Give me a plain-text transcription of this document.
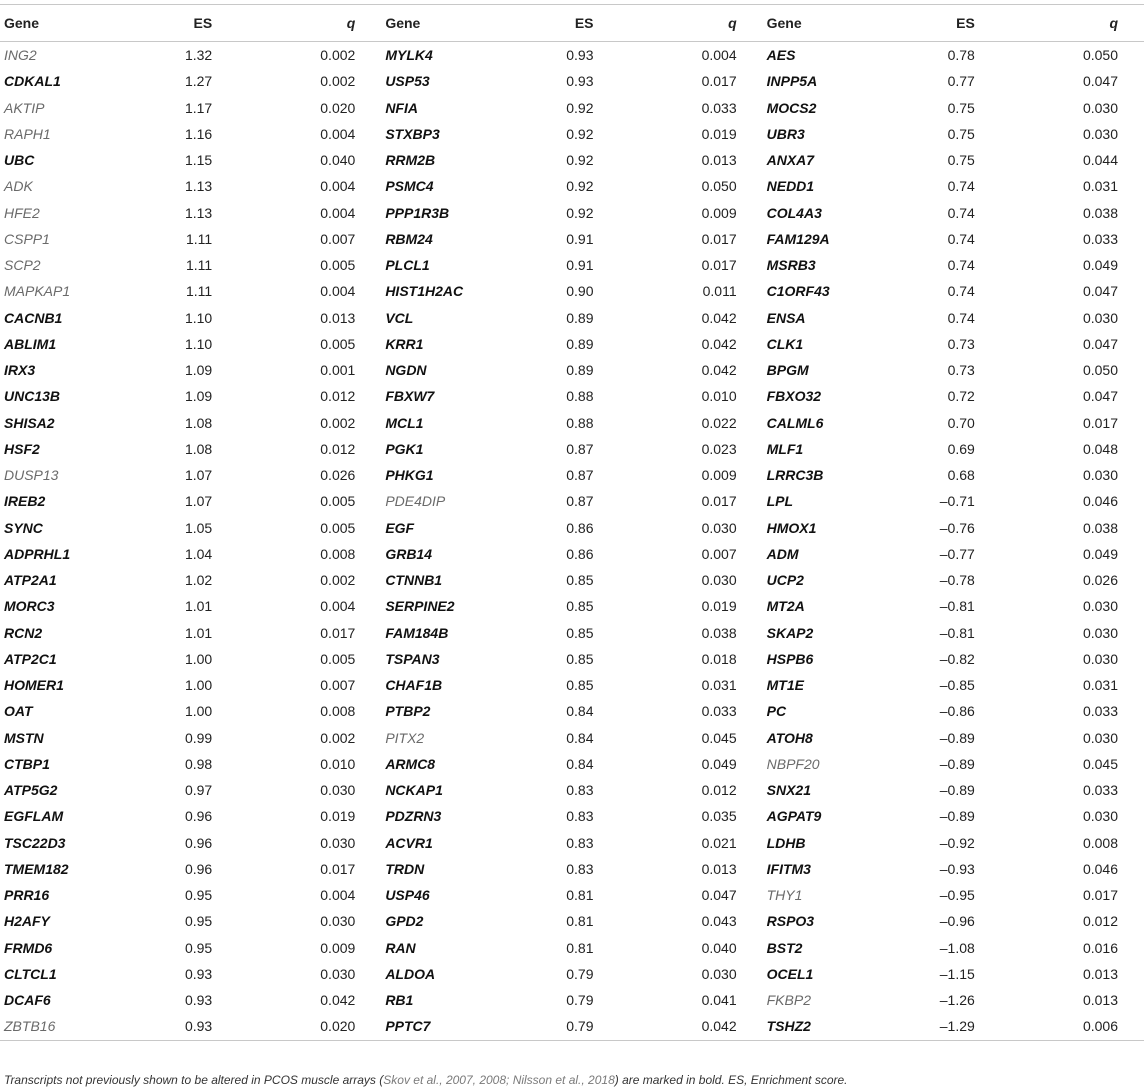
Gene	ES	q	Gene	ES	q	Gene	ES	q
ING2	1.32	0.002	MYLK4	0.93	0.004	AES	0.78	0.050
CDKAL1	1.27	0.002	USP53	0.93	0.017	INPP5A	0.77	0.047
AKTIP	1.17	0.020	NFIA	0.92	0.033	MOCS2	0.75	0.030
RAPH1	1.16	0.004	STXBP3	0.92	0.019	UBR3	0.75	0.030
UBC	1.15	0.040	RRM2B	0.92	0.013	ANXA7	0.75	0.044
ADK	1.13	0.004	PSMC4	0.92	0.050	NEDD1	0.74	0.031
HFE2	1.13	0.004	PPP1R3B	0.92	0.009	COL4A3	0.74	0.038
CSPP1	1.11	0.007	RBM24	0.91	0.017	FAM129A	0.74	0.033
SCP2	1.11	0.005	PLCL1	0.91	0.017	MSRB3	0.74	0.049
MAPKAP1	1.11	0.004	HIST1H2AC	0.90	0.011	C1ORF43	0.74	0.047
CACNB1	1.10	0.013	VCL	0.89	0.042	ENSA	0.74	0.030
ABLIM1	1.10	0.005	KRR1	0.89	0.042	CLK1	0.73	0.047
IRX3	1.09	0.001	NGDN	0.89	0.042	BPGM	0.73	0.050
UNC13B	1.09	0.012	FBXW7	0.88	0.010	FBXO32	0.72	0.047
SHISA2	1.08	0.002	MCL1	0.88	0.022	CALML6	0.70	0.017
HSF2	1.08	0.012	PGK1	0.87	0.023	MLF1	0.69	0.048
DUSP13	1.07	0.026	PHKG1	0.87	0.009	LRRC3B	0.68	0.030
IREB2	1.07	0.005	PDE4DIP	0.87	0.017	LPL	–0.71	0.046
SYNC	1.05	0.005	EGF	0.86	0.030	HMOX1	–0.76	0.038
ADPRHL1	1.04	0.008	GRB14	0.86	0.007	ADM	–0.77	0.049
ATP2A1	1.02	0.002	CTNNB1	0.85	0.030	UCP2	–0.78	0.026
MORC3	1.01	0.004	SERPINE2	0.85	0.019	MT2A	–0.81	0.030
RCN2	1.01	0.017	FAM184B	0.85	0.038	SKAP2	–0.81	0.030
ATP2C1	1.00	0.005	TSPAN3	0.85	0.018	HSPB6	–0.82	0.030
HOMER1	1.00	0.007	CHAF1B	0.85	0.031	MT1E	–0.85	0.031
OAT	1.00	0.008	PTBP2	0.84	0.033	PC	–0.86	0.033
MSTN	0.99	0.002	PITX2	0.84	0.045	ATOH8	–0.89	0.030
CTBP1	0.98	0.010	ARMC8	0.84	0.049	NBPF20	–0.89	0.045
ATP5G2	0.97	0.030	NCKAP1	0.83	0.012	SNX21	–0.89	0.033
EGFLAM	0.96	0.019	PDZRN3	0.83	0.035	AGPAT9	–0.89	0.030
TSC22D3	0.96	0.030	ACVR1	0.83	0.021	LDHB	–0.92	0.008
TMEM182	0.96	0.017	TRDN	0.83	0.013	IFITM3	–0.93	0.046
PRR16	0.95	0.004	USP46	0.81	0.047	THY1	–0.95	0.017
H2AFY	0.95	0.030	GPD2	0.81	0.043	RSPO3	–0.96	0.012
FRMD6	0.95	0.009	RAN	0.81	0.040	BST2	–1.08	0.016
CLTCL1	0.93	0.030	ALDOA	0.79	0.030	OCEL1	–1.15	0.013
DCAF6	0.93	0.042	RB1	0.79	0.041	FKBP2	–1.26	0.013
ZBTB16	0.93	0.020	PPTC7	0.79	0.042	TSHZ2	–1.29	0.006
Transcripts not previously shown to be altered in PCOS muscle arrays (Skov et al., 2007, 2008; Nilsson et al., 2018) are marked in bold. ES, Enrichment score.
